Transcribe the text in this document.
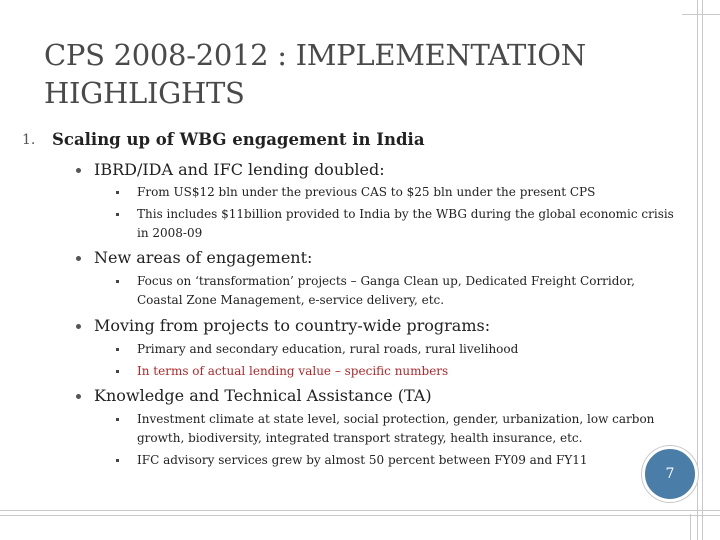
CPS 2008-2012 : IMPLEMENTATION HIGHLIGHTS
1. Scaling up of WBG engagement in India
IBRD/IDA and IFC lending doubled:
From US$12 bln under the previous CAS to $25 bln under the present CPS
This includes $11billion provided to India by the WBG during the global economic crisis in 2008-09
New areas of engagement:
Focus on ‘transformation’ projects – Ganga Clean up, Dedicated Freight Corridor, Coastal Zone Management, e-service delivery, etc.
Moving from projects to country-wide programs:
Primary and secondary education, rural roads, rural livelihood
In terms of actual lending value – specific numbers
Knowledge and Technical Assistance (TA)
Investment climate at state level, social protection, gender, urbanization, low carbon growth, biodiversity, integrated transport strategy, health insurance, etc.
IFC advisory services grew by almost 50 percent between FY09 and FY11
7
